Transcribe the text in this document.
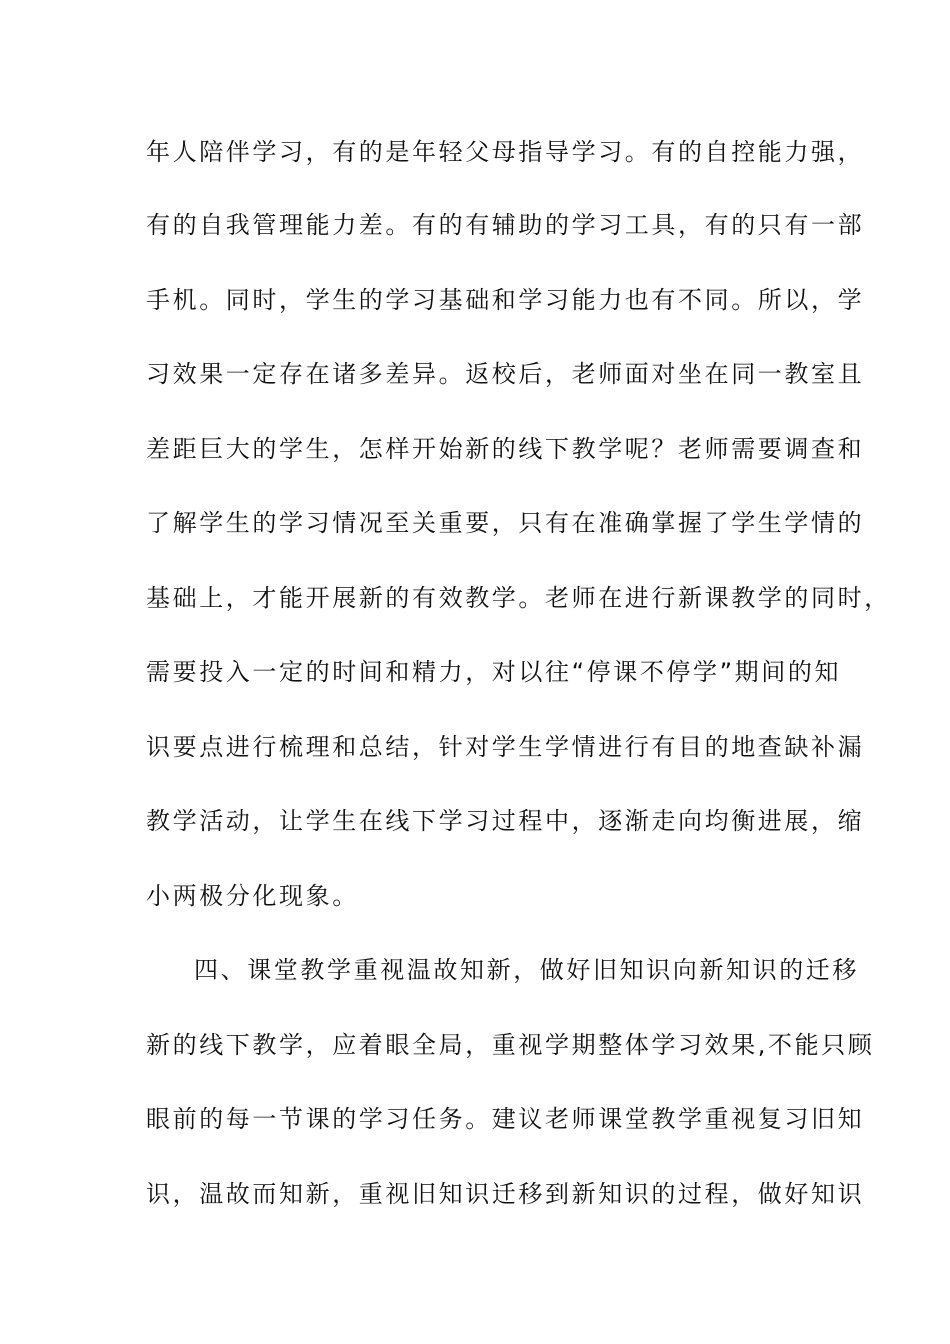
年人陪伴学习，有的是年轻父母指导学习。有的自控能力强，
有的自我管理能力差。有的有辅助的学习工具，有的只有一部
手机。同时，学生的学习基础和学习能力也有不同。所以，学
习效果一定存在诸多差异。返校后，老师面对坐在同一教室且
差距巨大的学生，怎样开始新的线下教学呢？老师需要调查和
了解学生的学习情况至关重要，只有在准确掌握了学生学情的
基础上，才能开展新的有效教学。老师在进行新课教学的同时，
需要投入一定的时间和精力，对以往“停课不停学”期间的知
识要点进行梳理和总结，针对学生学情进行有目的地查缺补漏
教学活动，让学生在线下学习过程中，逐渐走向均衡进展，缩
小两极分化现象。
四、课堂教学重视温故知新，做好旧知识向新知识的迁移
新的线下教学，应着眼全局，重视学期整体学习效果,不能只顾
眼前的每一节课的学习任务。建议老师课堂教学重视复习旧知
识，温故而知新，重视旧知识迁移到新知识的过程，做好知识
